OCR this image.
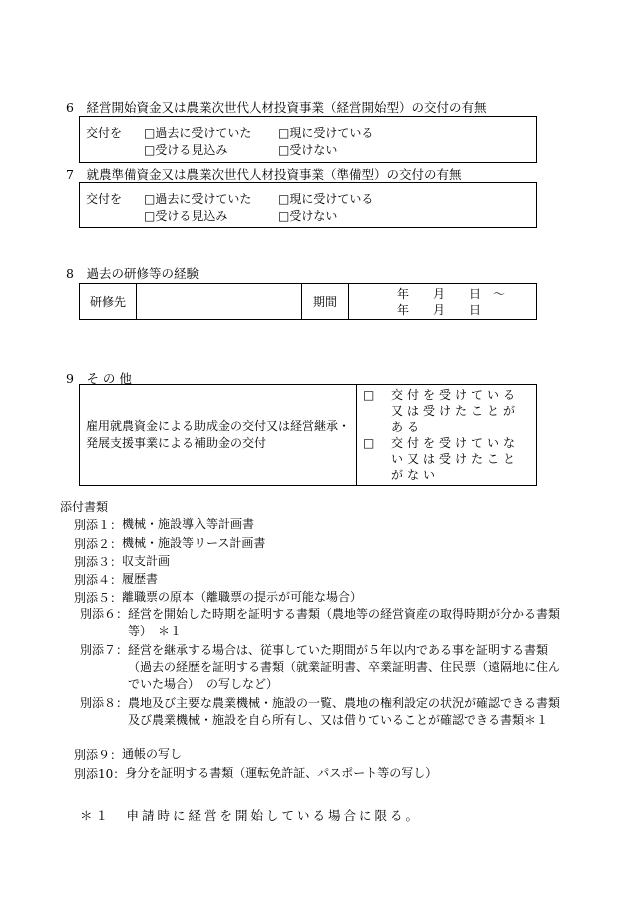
6　経営開始資金又は農業次世代人材投資事業（経営開始型）の交付の有無
交付を	□過去に受けていた	□現に受けている
□受ける見込み	□受けない
7　就農準備資金又は農業次世代人材投資事業（準備型）の交付の有無
交付を	□過去に受けていた	□現に受けている
□受ける見込み	□受けない
8　過去の研修等の経験
研修先		期間	
年　　月　　日　～
年　　月　　日
9　そ の 他
雇用就農資金による助成金の交付又は経営継承・発展支援事業による補助金の交付	
□	交付を受けている又は受けたことがある
□	交付を受けていない又は受けたことがない
添付書類
別添１： 機械・施設導入等計画書
別添２： 機械・施設等リース計画書
別添３： 収支計画
別添４： 履歴書
別添５： 離職票の原本（離職票の提示が可能な場合）
別添６： 経営を開始した時期を証明する書類（農地等の経営資産の取得時期が分かる書類等）　＊１
別添７： 経営を継承する場合は、従事していた期間が５年以内である事を証明する書類（過去の経歴を証明する書類（就業証明書、卒業証明書、住民票（遠隔地に住んでいた場合）　の写しなど）
別添８： 農地及び主要な農業機械・施設の一覧、農地の権利設定の状況が確認できる書類及び農業機械・施設を自ら所有し、又は借りていることが確認できる書類＊１
別添９： 通帳の写し
別添10： 身分を証明する書類（運転免許証、パスポート等の写し）
＊１　申請時に経営を開始している場合に限る。
